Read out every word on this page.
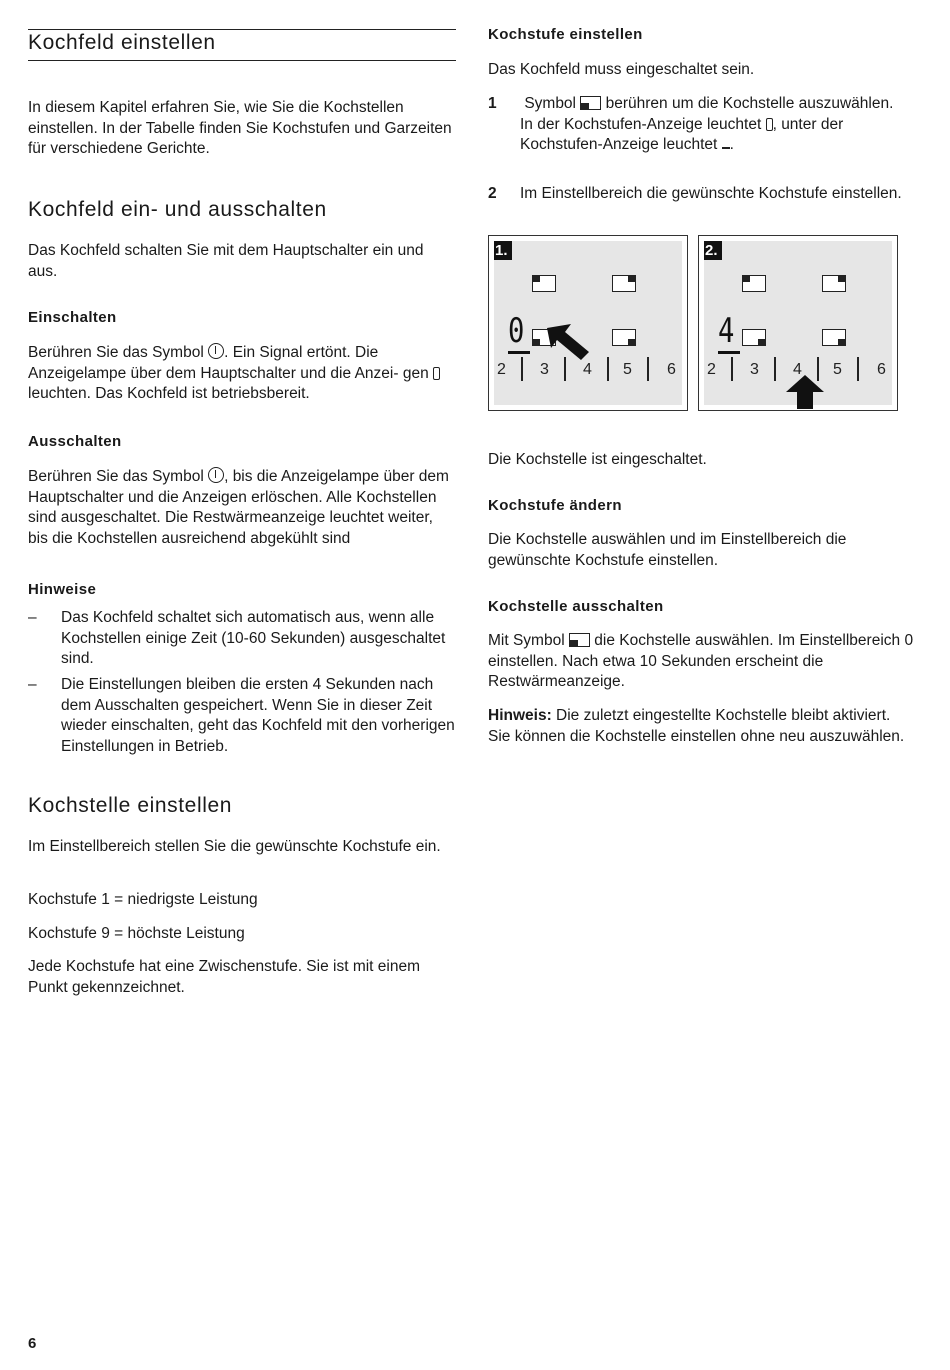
Kochfeld einstellen

In diesem Kapitel erfahren Sie, wie Sie die Kochstellen einstellen. In der Tabelle finden Sie Kochstufen und Garzeiten für verschiedene Gerichte.

Kochfeld ein- und ausschalten

Das Kochfeld schalten Sie mit dem Hauptschalter ein und aus.

Einschalten

Berühren Sie das Symbol . Ein Signal ertönt. Die Anzeigelampe über dem Hauptschalter und die Anzei- gen  leuchten. Das Kochfeld ist betriebsbereit.

Ausschalten

Berühren Sie das Symbol , bis die Anzeigelampe über dem Hauptschalter und die Anzeigen erlöschen. Alle Kochstellen sind ausgeschaltet. Die Restwärmeanzeige leuchtet weiter, bis die Kochstellen ausreichend abgekühlt sind

Hinweise
– Das Kochfeld schaltet sich automatisch aus, wenn alle Kochstellen einige Zeit (10-60 Sekunden) ausgeschaltet sind.

– Die Einstellungen bleiben die ersten 4 Sekunden nach dem Ausschalten gespeichert. Wenn Sie in dieser Zeit wieder einschalten, geht das Kochfeld mit den vorherigen Einstellungen in Betrieb.

Kochstelle einstellen

Im Einstellbereich stellen Sie die gewünschte Kochstufe ein.

Kochstufe 1 = niedrigste Leistung

Kochstufe 9 = höchste Leistung

Jede Kochstufe hat eine Zwischenstufe. Sie ist mit einem Punkt gekennzeichnet.

Kochstufe einstellen

Das Kochfeld muss eingeschaltet sein.

1 Symbol berühren um die Kochstelle auszuwählen.
In der Kochstufen-Anzeige leuchtet , unter der Kochstufen-Anzeige leuchtet .

2 Im Einstellbereich die gewünschte Kochstufe einstellen.

1.
0
2 3 4 5 6
2.
4
2 3 4 5 6

Die Kochstelle ist eingeschaltet.

Kochstufe ändern

Die Kochstelle auswählen und im Einstellbereich die gewünschte Kochstufe einstellen.

Kochstelle ausschalten

Mit Symbol die Kochstelle auswählen. Im Einstellbereich 0 einstellen. Nach etwa 10 Sekunden erscheint die Restwärmeanzeige.

Hinweis: Die zuletzt eingestellte Kochstelle bleibt aktiviert. Sie können die Kochstelle einstellen ohne neu auszuwählen.

6
